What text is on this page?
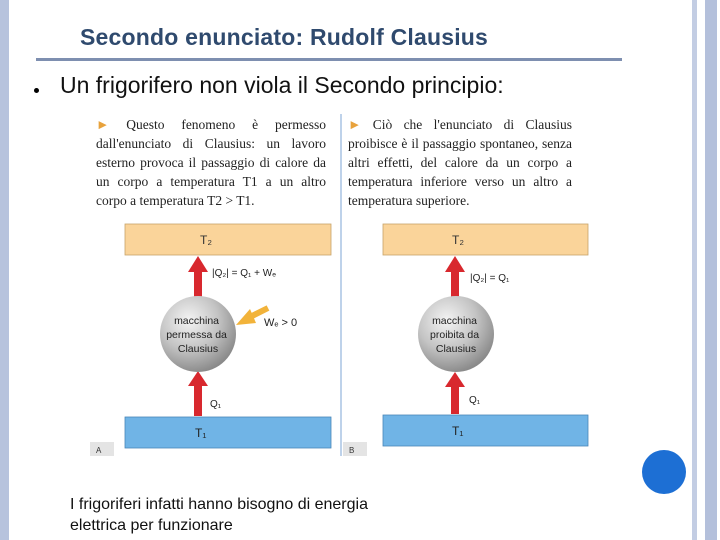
Secondo enunciato: Rudolf Clausius
Un frigorifero non viola il Secondo principio:
► Questo fenomeno è permesso dall'enunciato di Clausius: un lavoro esterno provoca il passaggio di calore da un corpo a temperatura T1 a un altro corpo a temperatura T2 > T1.
► Ciò che l'enunciato di Clausius proibisce è il passaggio spontaneo, senza altri effetti, del calore da un corpo a temperatura inferiore verso un altro a temperatura superiore.
T₂
T₁
|Q₂| = Q₁ + Wₑ
Q₁
macchina permessa da Clausius
Wₑ > 0
T₂
T₁
|Q₂| = Q₁
Q₁
macchina proibita da Clausius
A	B
I frigoriferi infatti hanno bisogno di energia
elettrica per funzionare
